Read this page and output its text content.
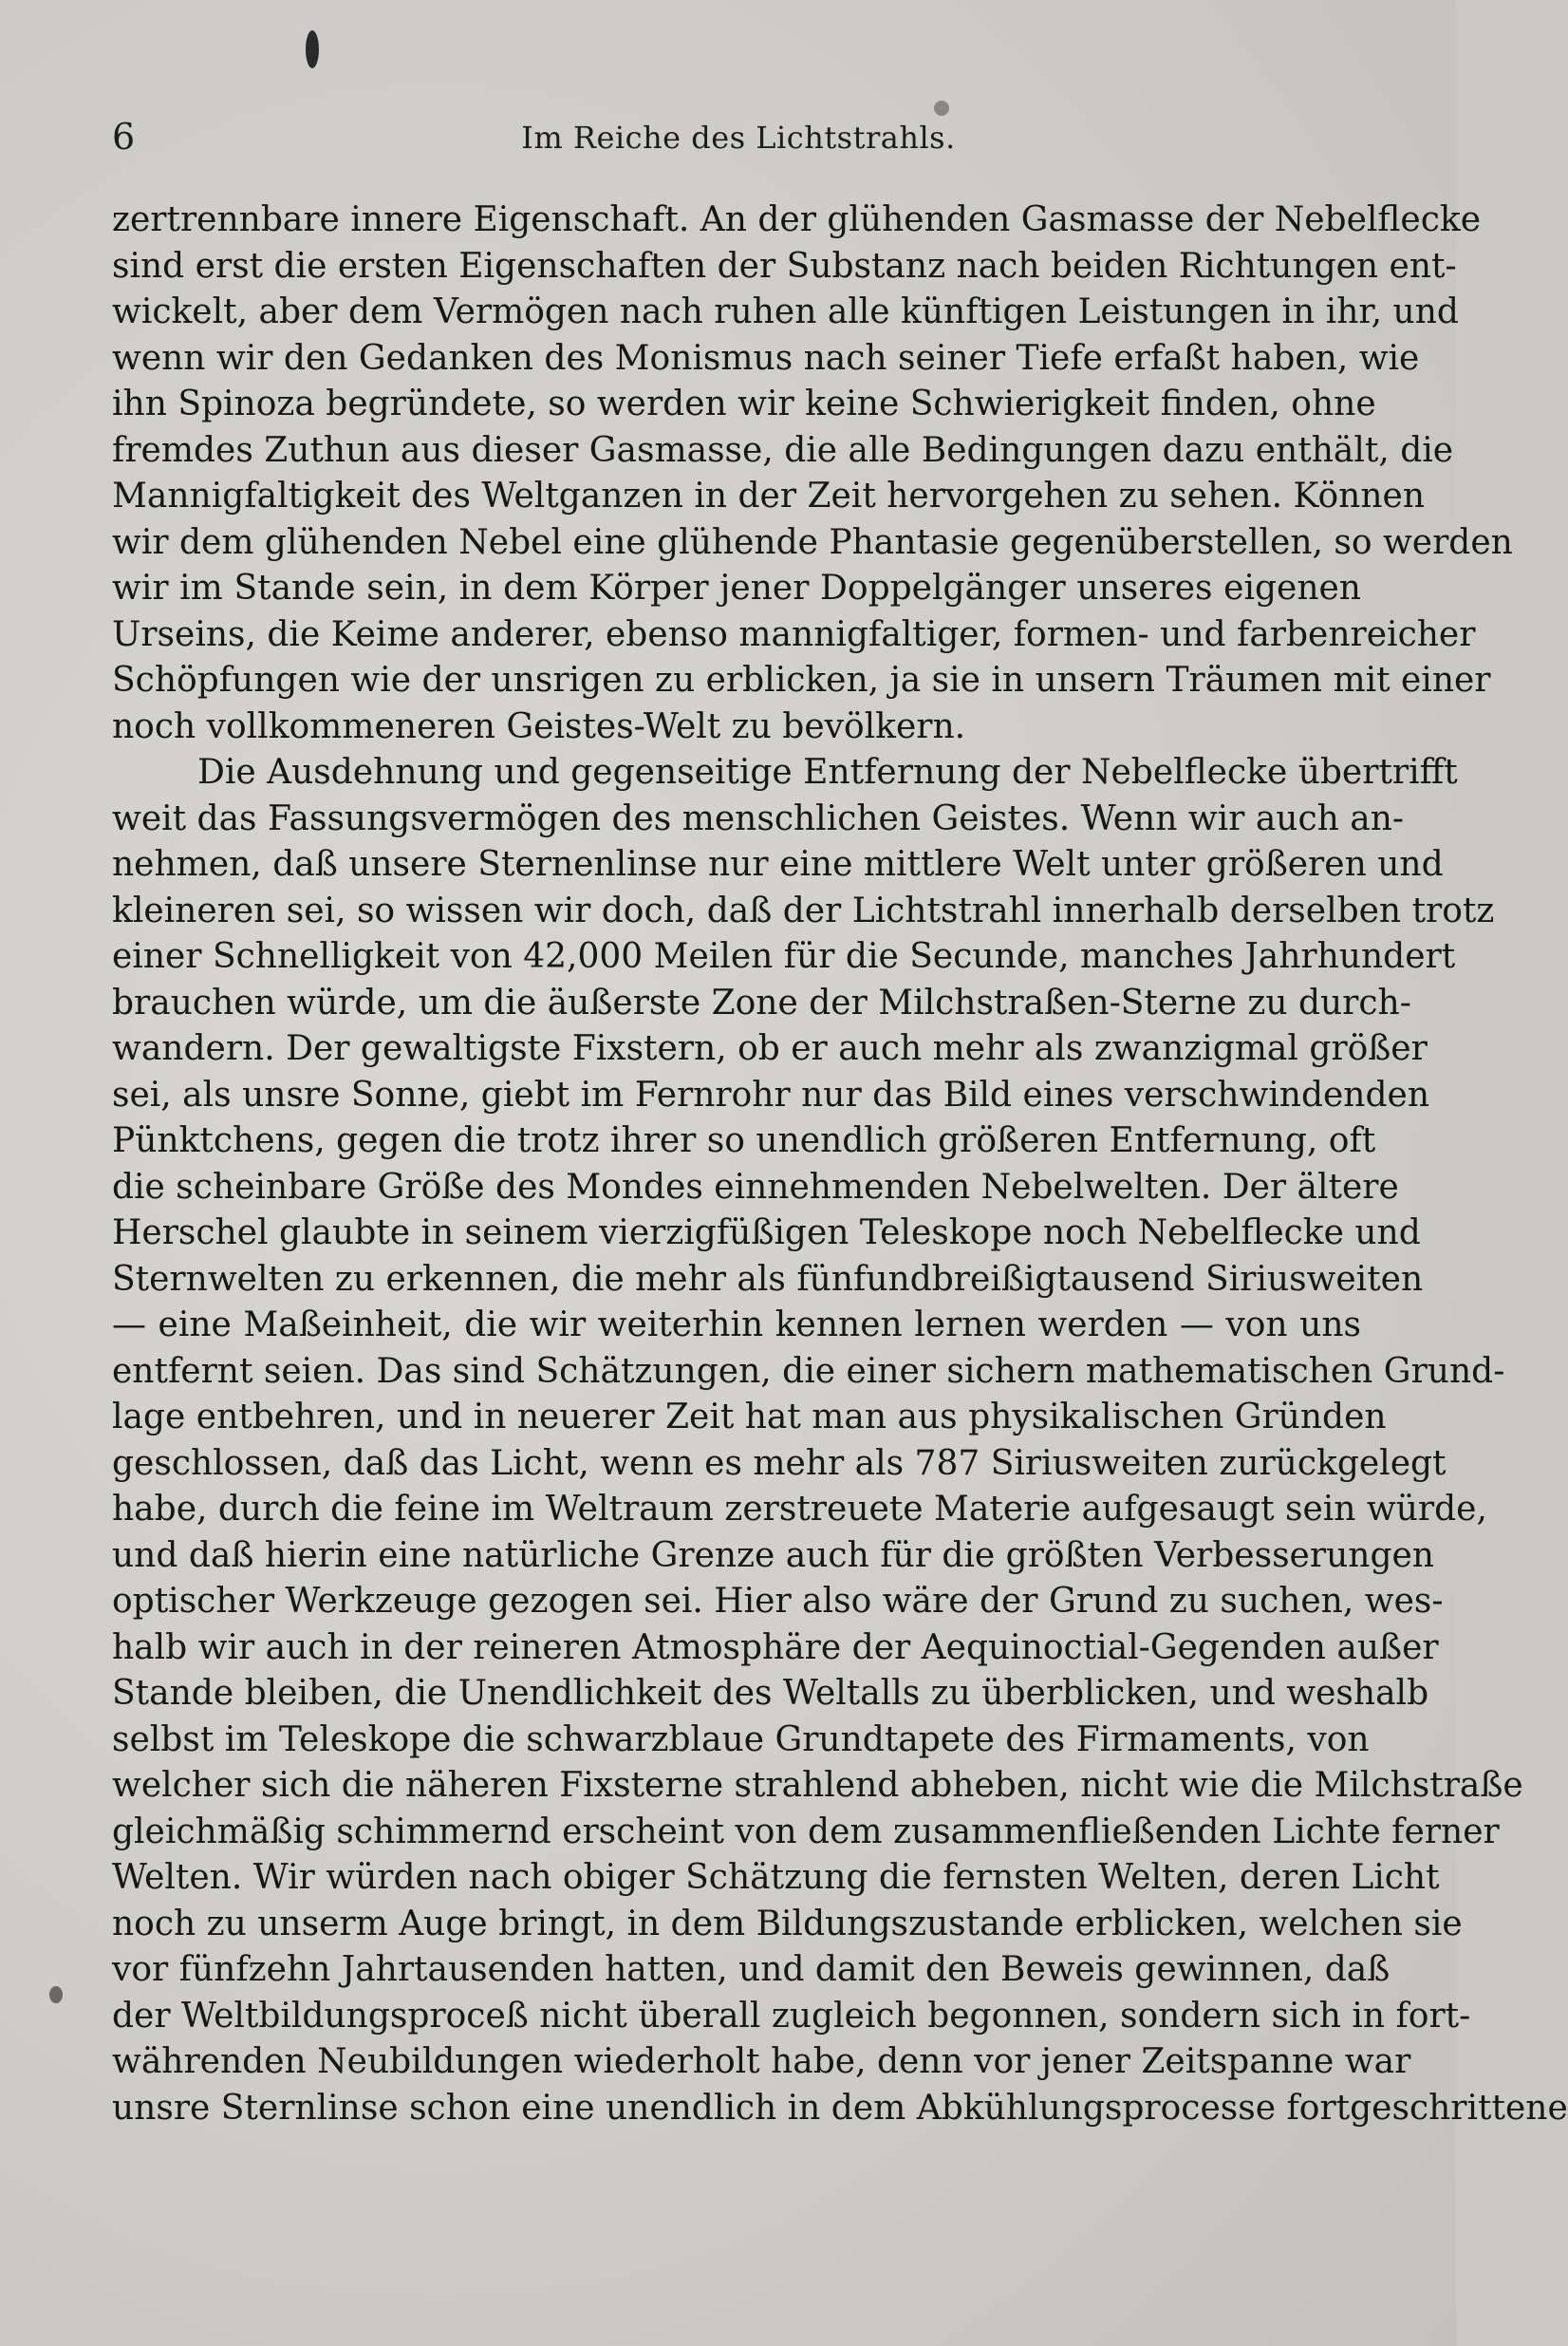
6	Im Reiche des Lichtstrahls.
zertrennbare innere Eigenschaft. An der glühenden Gasmasse der Nebelflecke
sind erst die ersten Eigenschaften der Substanz nach beiden Richtungen ent-
wickelt, aber dem Vermögen nach ruhen alle künftigen Leistungen in ihr, und
wenn wir den Gedanken des Monismus nach seiner Tiefe erfaßt haben, wie
ihn Spinoza begründete, so werden wir keine Schwierigkeit finden, ohne
fremdes Zuthun aus dieser Gasmasse, die alle Bedingungen dazu enthält, die
Mannigfaltigkeit des Weltganzen in der Zeit hervorgehen zu sehen. Können
wir dem glühenden Nebel eine glühende Phantasie gegenüberstellen, so werden
wir im Stande sein, in dem Körper jener Doppelgänger unseres eigenen
Urseins, die Keime anderer, ebenso mannigfaltiger, formen- und farbenreicher
Schöpfungen wie der unsrigen zu erblicken, ja sie in unsern Träumen mit einer
noch vollkommeneren Geistes-Welt zu bevölkern.
Die Ausdehnung und gegenseitige Entfernung der Nebelflecke übertrifft
weit das Fassungsvermögen des menschlichen Geistes. Wenn wir auch an-
nehmen, daß unsere Sternenlinse nur eine mittlere Welt unter größeren und
kleineren sei, so wissen wir doch, daß der Lichtstrahl innerhalb derselben trotz
einer Schnelligkeit von 42,000 Meilen für die Secunde, manches Jahrhundert
brauchen würde, um die äußerste Zone der Milchstraßen-Sterne zu durch-
wandern. Der gewaltigste Fixstern, ob er auch mehr als zwanzigmal größer
sei, als unsre Sonne, giebt im Fernrohr nur das Bild eines verschwindenden
Pünktchens, gegen die trotz ihrer so unendlich größeren Entfernung, oft
die scheinbare Größe des Mondes einnehmenden Nebelwelten. Der ältere
Herschel glaubte in seinem vierzigfüßigen Teleskope noch Nebelflecke und
Sternwelten zu erkennen, die mehr als fünfundbreißigtausend Siriusweiten
— eine Maßeinheit, die wir weiterhin kennen lernen werden — von uns
entfernt seien. Das sind Schätzungen, die einer sichern mathematischen Grund-
lage entbehren, und in neuerer Zeit hat man aus physikalischen Gründen
geschlossen, daß das Licht, wenn es mehr als 787 Siriusweiten zurückgelegt
habe, durch die feine im Weltraum zerstreuete Materie aufgesaugt sein würde,
und daß hierin eine natürliche Grenze auch für die größten Verbesserungen
optischer Werkzeuge gezogen sei. Hier also wäre der Grund zu suchen, wes-
halb wir auch in der reineren Atmosphäre der Aequinoctial-Gegenden außer
Stande bleiben, die Unendlichkeit des Weltalls zu überblicken, und weshalb
selbst im Teleskope die schwarzblaue Grundtapete des Firmaments, von
welcher sich die näheren Fixsterne strahlend abheben, nicht wie die Milchstraße
gleichmäßig schimmernd erscheint von dem zusammenfließenden Lichte ferner
Welten. Wir würden nach obiger Schätzung die fernsten Welten, deren Licht
noch zu unserm Auge bringt, in dem Bildungszustande erblicken, welchen sie
vor fünfzehn Jahrtausenden hatten, und damit den Beweis gewinnen, daß
der Weltbildungsproceß nicht überall zugleich begonnen, sondern sich in fort-
währenden Neubildungen wiederholt habe, denn vor jener Zeitspanne war
unsre Sternlinse schon eine unendlich in dem Abkühlungsprocesse fortgeschrittene
